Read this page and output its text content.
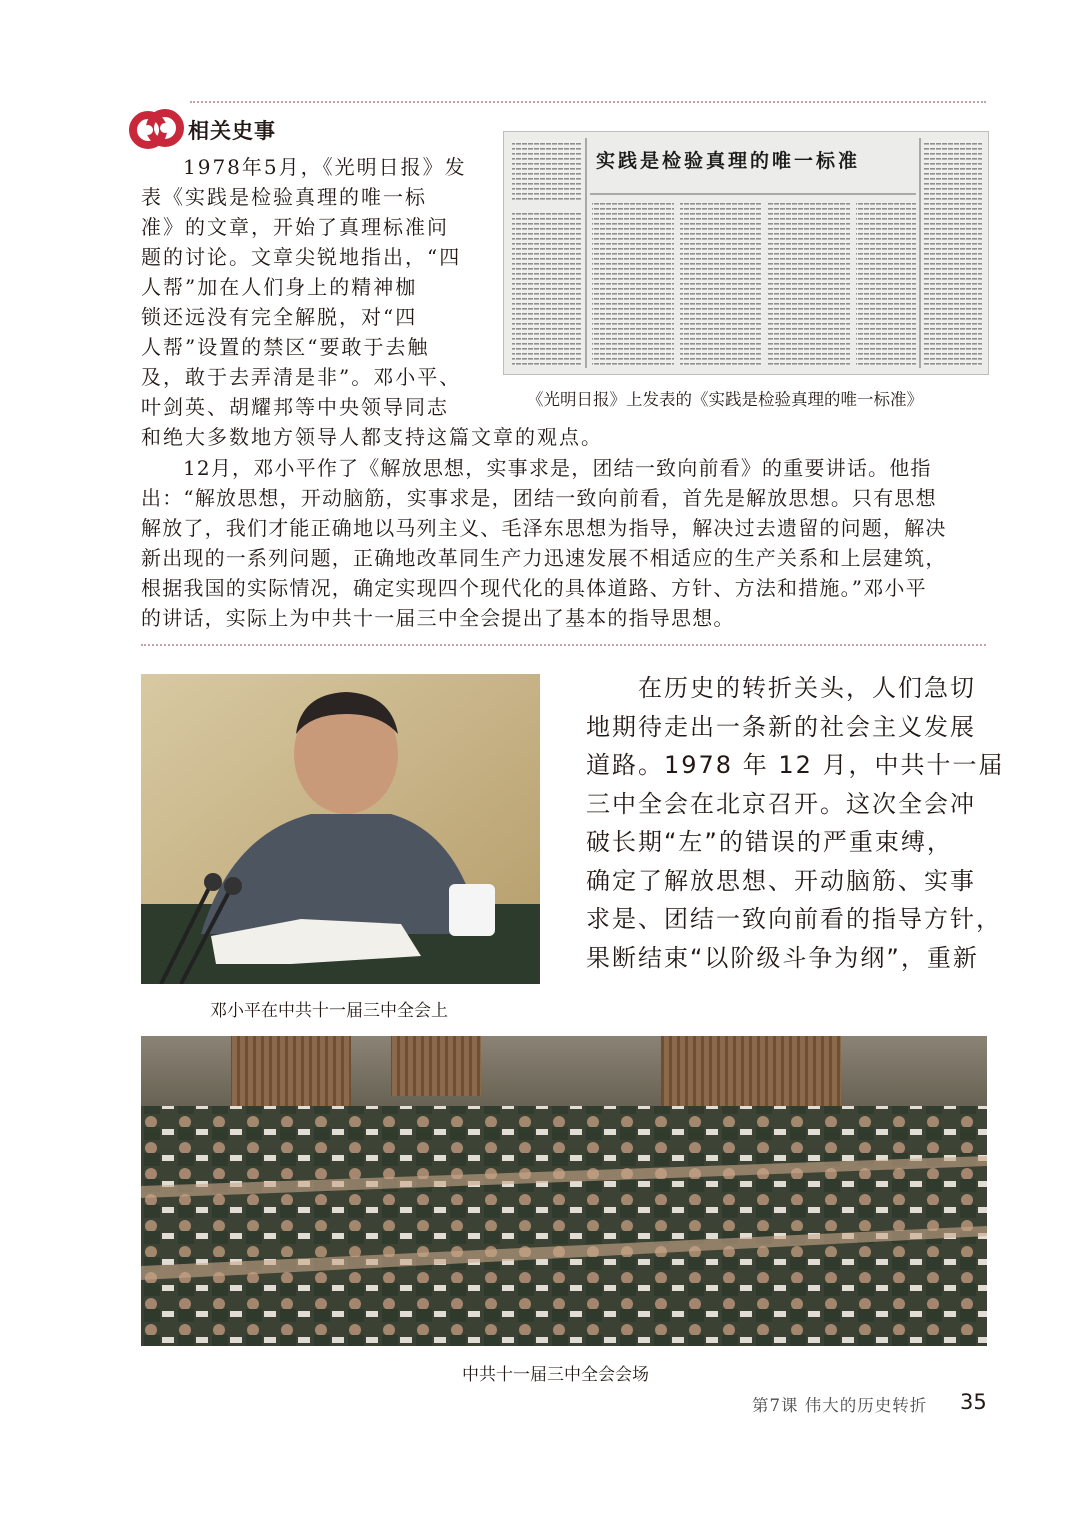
相关史事
1978年5月，《光明日报》发
表《实践是检验真理的唯一标
准》的文章，开始了真理标准问
题的讨论。文章尖锐地指出，“四
人帮”加在人们身上的精神枷
锁还远没有完全解脱，对“四
人帮”设置的禁区“要敢于去触
及，敢于去弄清是非”。邓小平、
叶剑英、胡耀邦等中央领导同志
和绝大多数地方领导人都支持这篇文章的观点。
实践是检验真理的唯一标准
《光明日报》上发表的《实践是检验真理的唯一标准》
12月，邓小平作了《解放思想，实事求是，团结一致向前看》的重要讲话。他指
出：“解放思想，开动脑筋，实事求是，团结一致向前看，首先是解放思想。只有思想
解放了，我们才能正确地以马列主义、毛泽东思想为指导，解决过去遗留的问题，解决
新出现的一系列问题，正确地改革同生产力迅速发展不相适应的生产关系和上层建筑，
根据我国的实际情况，确定实现四个现代化的具体道路、方针、方法和措施。”邓小平
的讲话，实际上为中共十一届三中全会提出了基本的指导思想。
邓小平在中共十一届三中全会上
在历史的转折关头，人们急切
地期待走出一条新的社会主义发展
道路。1978 年 12 月，中共十一届
三中全会在北京召开。这次全会冲
破长期“左”的错误的严重束缚，
确定了解放思想、开动脑筋、实事
求是、团结一致向前看的指导方针，
果断结束“以阶级斗争为纲”，重新
中共十一届三中全会会场
第7课 伟大的历史转折 35
